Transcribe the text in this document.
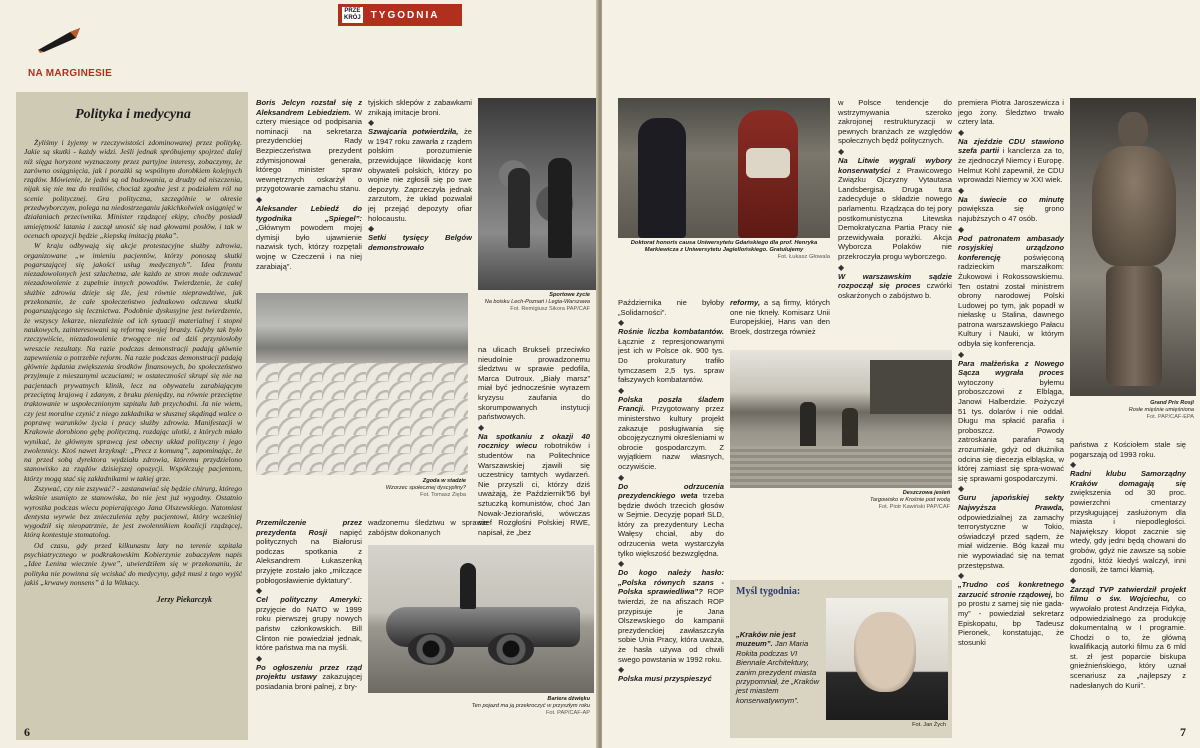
NA MARGINESIE
PRZE
KRÓJ TYGODNIA
Polityka i medycyna

Żyliśmy i żyjemy w rzeczywistości zdominowanej przez politykę. Jakie są skutki - każdy widzi. Jeśli jednak spróbujemy spojrzeć dalej niż sięga horyzont wyznaczony przez partyjne interesy, zobaczymy, że zarówno osiągnięcia, jak i porażki są wspólnym dorobkiem kolejnych rządów. Mówienie, że jedni są od budowania, a drudzy od niszczenia, nijak się nie ma do realiów, chociaż zgodne jest z podziałem ról na scenie politycznej. Gra polityczna, szczególnie w okresie przedwyborczym, polega na niedostrzeganiu jakichkolwiek osiągnięć w działaniach przeciwnika. Minister rządzącej ekipy, choćby posiadł umiejętność latania i zaczął unosić się nad głowami posłów, i tak w ocenach opozycji będzie „kiepską imitacją ptaka”.

W kraju odbywają się akcje protestacyjne służby zdrowia, organizowane „w imieniu pacjentów, którzy ponoszą skutki pogarszającej się jakości usług medycznych”. Idea frontu niezadowolonych jest szlachetna, ale każdo ze stron może odczuwać niezadowolenie z zupełnie innych powodów. Twierdzenie, że całej służbie zdrowia dzieje się źle, jest równie nieprawdziwe, jak przekonanie, że całe społeczeństwo jednakowo odczuwa skutki pogarszającego się lecznictwa. Podobnie dyskusyjne jest twierdzenie, że wszyscy lekarze, niezależnie od ich sytuacji materialnej i stopni naukowych, zainteresowani są reformą swojej branży. Gdyby tak było rzeczywiście, niezadowolenie trwogęce nie od dziś przyniosłoby wreszcie rezultaty. Na razie podczas demonstracji padają głównie zapewnienia o potrzebie reform. Na razie podczas demonstracji padają głównie żądania zwiększenia środków finansowych, bo społeczeństwo przyjmuje z mieszanymi uczuciami; w ostateczności skrupi się nie na pacjentach prywatnych klinik, lecz na obywatelu zarabiającym przeciętną krajową i zdanym, z braku pieniędzy, na równie przeciętne traktowanie w uspołecznionym szpitalu lub przychodni. Ja nie wiem, czy jest moralne czynić z niego zakładnika w słusznej skądinąd walce o poprawę warunków życia i pracy służby zdrowia. Manifestacji w Krakowie dorobiono gębę polityczną, rozdając ulotki, z których miało wynikać, że głównym sprawcą jest obecny układ polityczny i jego zwolennicy. Ktoś nawet krzyknął: „Precz z komuną”, zapominając, że na przed sobą dyrektora wydziału zdrowia, któremu przydzielono stanowisko za rządów dzisiejszej opozycji. Współczuję pacjentom, którzy mogą stać się zakładnikami w takiej grze.

Zszywać, czy nie zszywać? - zastanawiać się będzie chirurg, którego właśnie usunięto ze stanowiska, bo nie jest już wygodny. Ostatnio wyrostka podczas wiecu popierającego Jana Olszewskiego. Natomiast dentysta wyrwie bez znieczulenia zęby pacjentowi, który wcześniej wygodził się nieopatrznie, że jest zwolennikiem koalicji rządzącej, którą kontestuje stomatolog.

Od czasu, gdy przed kilkunastu laty na terenie szpitala psychiatrycznego w podkrakowskim Kobierzynie zobaczyłem napis „Idee Lenina wiecznie żywe”, utwierdziłem się w przekonaniu, że polityka nie powinna się wciskać do medycyny, gdyż musi z tego wyjść jakiś „krwawy nonsens” à la Witkacy.

Jerzy Piekarczyk

Boris Jelcyn rozstał się z Aleksandrem Lebiedziem. W cztery miesiące od podpisania nominacji na sekretarza prezydenckiej Rady Bezpieczeństwa prezydent zdymisjonował generała, którego minister spraw wewnętrznych oskarżył o przygotowanie zamachu stanu.

◆

Aleksander Lebiedź do tygodnika „Spiegel”: „Głównym powodem mojej dymisji było ujawnienie nazwisk tych, którzy rozpętali wojnę w Czeczenii i na niej zarabiają”.

tyjskich sklepów z zabawkami znikają imitacje broni.

◆

Szwajcaria potwierdziła, że w 1947 roku zawarła z rządem polskim porozumienie przewidujące likwidację kont obywateli polskich, którzy po wojnie nie zgłosili się po swe depozyty. Zaprzeczyła jednak zarzutom, że układ pozwalał jej przejąć depozyty ofiar holocaustu.

◆

Setki tysięcy Belgów demonstrowało

Sportowe życie
Na boisku Lech-Poznań i Legia-Warszawa
Fot. Remigiusz Sikora PAP/CAF
Zgoda w stadzie
Wzorzec społecznej dyscypliny?
Fot. Tomasz Zięba

na ulicach Brukseli przeciwko nieudolnie prowadzonemu śledztwu w sprawie pedofila, Marca Dutroux. „Biały marsz” miał być jednocześnie wyrazem kryzysu zaufania do skorumpowanych instytucji państwowych.

◆

Na spotkaniu z okazji 40 rocznicy wiecu robotników i studentów na Politechnice Warszawskiej zjawili się uczestnicy tamtych wydarzeń. Nie przyszli ci, którzy dziś uważają, że Październik'56 był sztuczką komunistów, choć Jan Nowak-Jeziorański, wówczas szef Rozgłośni Polskiej RWE, napisał, że „bez

Przemilczenie przez prezydenta Rosji napięć politycznych na Białorusi podczas spotkania z Aleksandrem Łukaszenką przyjęte zostało jako „milczące pobłogosławienie dyktatury”.

◆

Cel polityczny Ameryki: przyjęcie do NATO w 1999 roku pierwszej grupy nowych państw członkowskich. Bill Clinton nie powiedział jednak, które państwa ma na myśli.

◆

Po ogłoszeniu przez rząd projektu ustawy zakazującej posiadania broni palnej, z bry-

wadzonemu śledztwu w sprawie zabójstw dokonanych

Bariera dźwięku
Ten pojazd ma ją przekroczyć w przyszłym roku
Fot. PAP/CAF-AP
6
Doktorat honoris causa Uniwersytetu Gdańskiego dla prof. Henryka Markiewicza z Uniwersytetu Jagiellońskiego. Gratulujemy
Fot. Łukasz Głowala

w Polsce tendencje do wstrzymywania szeroko zakrojonej restrukturyzacji w pewnych branżach ze względów społecznych będź politycznych.

◆

Na Litwie wygrali wybory konserwatyści z Prawicowego Związku Ojczyzny Vytautasa Landsbergisa. Druga tura zadecyduje o składzie nowego parlamentu. Rządząca do tej pory postkomunistyczna Litewska Demokratyczna Partia Pracy nie przewidywała porażki. Akcja Wyborcza Polaków nie przekroczyła progu wyborczego.

◆

W warszawskim sądzie rozpoczął się proces czwórki oskarżonych o zabójstwo b.

premiera Piotra Jaroszewicza i jego żony. Śledztwo trwało cztery lata.

◆

Na zjeździe CDU stawiono szefa partii i kanclerza za to, że zjednoczył Niemcy i Europę. Helmut Kohl zapewnił, że CDU wprowadzi Niemcy w XXI wiek.

◆

Na świecie co minutę powiększa się grono najubższych o 47 osób.

◆

Pod patronatem ambasady rosyjskiej urządzono konferencję	poświęconą radzieckim marszałkom: Żukowowi i Rokossowskiemu. Ten ostatni został ministrem obrony narodowej Polski Ludowej po tym, jak popadł w niełaskę u Stalina, dawnego patrona warszawskiego Pałacu Kultury i Nauki, w którym odbyła się konferencja.

◆

Para małżeńska z Nowego Sącza wygrała proces wytoczony byłemu proboszczowi z Elbląga, Janowi Halberdzie. Pożyczył 51 tys. dolarów i nie oddał. Długu ma spłacić parafia i proboszcz. Powody zatroskania parafian są zrozumiałe, gdyż od dłużnika odcina się diecezja elbląska, w której zamiast się spra-wować się sprawami gospodarczymi.

◆

Guru japońskiej sekty Najwyższa Prawda, odpowiedzialnej za zamachy terrorystyczne w Tokio, oświadczył przed sądem, że miał widzenie. Bóg kazał mu nie wypowiadać się na temat przestępstwa.

◆

„Trudno coś konkretnego zarzucić stronie rządowej, bo po prostu z samej się nie gada-my” - powiedział sekretarz Episkopatu, bp Tadeusz Pieronek, konstatując, że stosunki

Października nie byłoby „Solidarności”.

◆

Rośnie liczba kombatantów. Łącznie z represjonowanymi jest ich w Polsce ok. 900 tys. Do prokuratury trafiło tymczasem 2,5 tys. spraw fałszywych kombatantów.

◆

Polska poszła śladem Francji. Przygotowany przez ministerstwo kultury projekt zakazuje posługiwania się obcojęzycznymi określeniami w obrocie gospodarczym. Z wyjątkiem nazw własnych, oczywiście.

◆

Do odrzucenia prezydenckiego weta trzeba będzie dwóch trzecich głosów w Sejmie. Decyzję poparł SLD, który za prezydentury Lecha Wałęsy chciał, aby do odrzucenia weta wystarczyła tylko większość bezwzględna.

◆

Do kogo należy hasło: „Polska równych szans - Polska sprawiedliwa”? ROP twierdzi, że na afiszach ROP przypisuje je Jana Olszewskiego do kampanii prezydenckiej zawłaszczyła sobie Unia Pracy, która uważa, że hasła używa od chwili swego powstania w 1992 roku.

◆

Polska musi przyspieszyć

reformy, a są firmy, których one nie tkneły. Komisarz Unii Europejskiej, Hans van den Broek, dostrzega również

Deszczowa jesień
Targowisko w Krośnie pod wodą
Fot. Piotr Kawiński PAP/CAF
Myśl tygodnia:
„Kraków nie jest muzeum”. Jan Maria Rokita podczas VI Biennale Architektury, zanim prezydent miasta przypomniał, że „Kraków jest miastem konserwatywnym”.
Fot. Jan Żych
Grand Prix Rosji
Rosłe mięśnie umięśniona
Fot. PAP/CAF-EPA

państwa z Kościołem stale się pogarszają od 1993 roku.

◆

Radni klubu Samorządny Kraków domagają się zwiększenia od 30 proc. powierzchni cmentarzy przysługującej zasłużonym dla miasta i niepodległości. Największy kłopot zacznie się wtedy, gdy jedni będą chowani do grobów, gdyż nie zawsze są sobie zgodni, któż kiedyś walczył, inni donosili, że tamci kłamią.

◆

Zarząd TVP zatwierdził projekt filmu o św. Wojciechu, co wywołało protest Andrzeja Fidyka, odpowiedzialnego za produkcję dokumentalną w I programie. Chodzi o to, że główną kwalifikacją autorki filmu za 6 mld st. zł jest poparcie biskupa gnieźnieńskiego, który uznał scenariusz za „najlepszy z nadesłanych do Kurii”.

7
